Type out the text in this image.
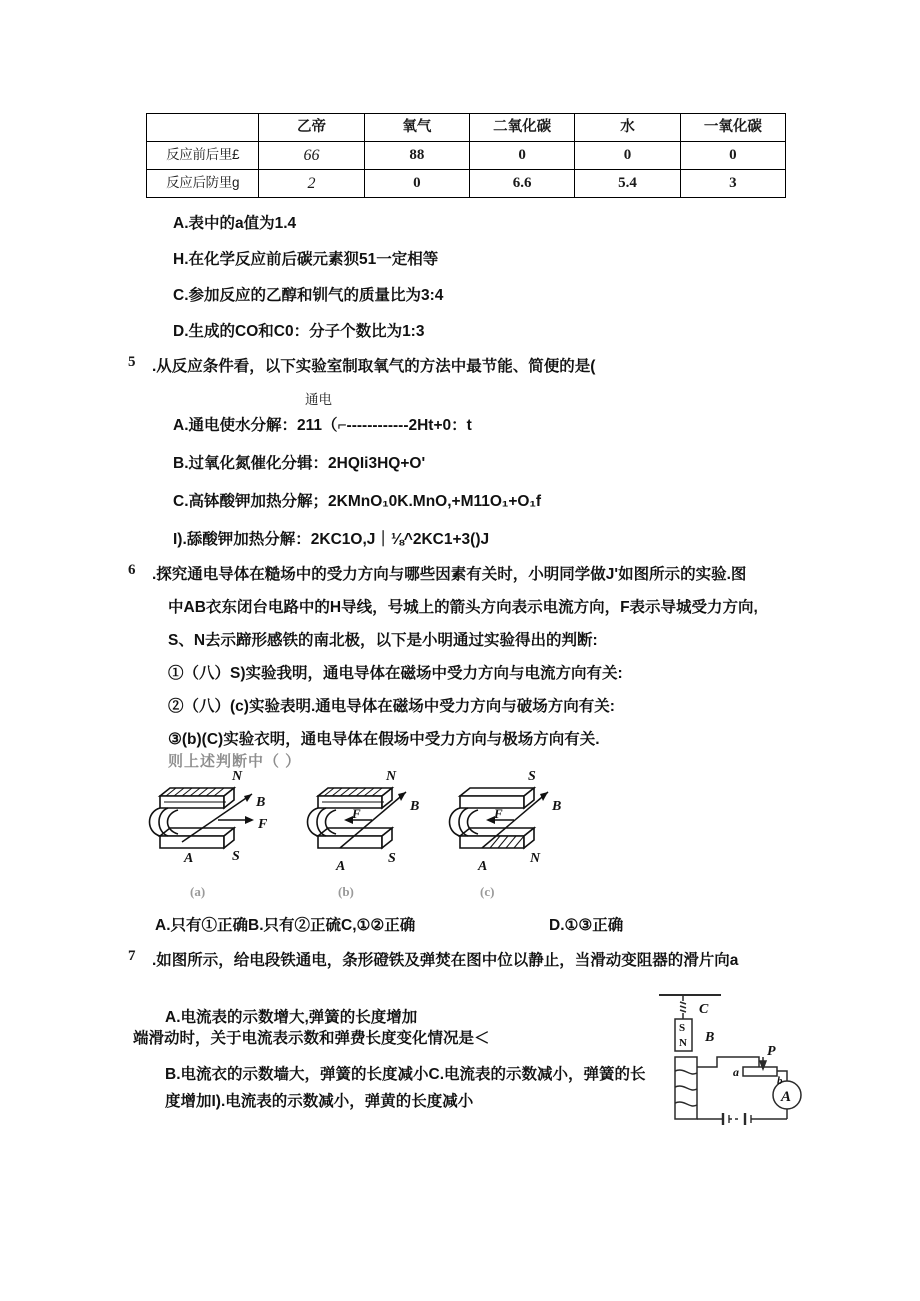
	乙帝	氧气	二氧化碳	水	一氧化碳
反应前后里£	66	88	0	0	0
反应后防里g	2	0	6.6	5.4	3
A.表中的a值为1.4
H.在化学反应前后碳元素狈51一定相等
C.参加反应的乙醇和钏气的质量比为3:4
D.生成的CO和C0：分子个数比为1:3
5 .从反应条件看，以下实验室制取氧气的方法中最节能、简便的是(
通电
A.通电使水分解：211（⌐------------2Ht+0：t
B.过氧化氮催化分辑：2HQIi3HQ+O'
C.高钵酸钾加热分解；2KMnO₁0K.MnO,+M11O₁+O₁f
I).舔酸钾加热分解：2KC1O,J｜⅛^2KC1+3()J
6 .探究通电导体在糙场中的受力方向与哪些因素有关时，小明同学做J'如图所示的实验.图
中AB衣东闭台电路中的H导线，号城上的箭头方向表示电流方向，F表示导城受力方向,
S、N去示蹄形感铁的南北极，以下是小明通过实验得出的判断:
①（八）S)实验我明，通电导体在磁场中受力方向与电流方向有关:
②（八）(c)实验表明.通电导体在磁场中受力方向与破场方向有关:
③(b)(C)实验衣明，通电导体在假场中受力方向与极场方向有关.
则上述判断中（ ）
N
S
A
B
F
N
S
A
B
F
S
N
A
B
F
(a)	(b)	(c)
A.只有①正确B.只有②正硫C,①②正确	D.①③正确
7 .如图所示，给电段铁通电，条形磴铁及弹焚在图中位以静止，当滑动变阻器的滑片向a
A.电流表的示数增大,弹簧的长度增加
端滑动时，关于电流表示数和弹费长度变化情况是＜
B.电流衣的示数墙大，弹簧的长度减小C.电流表的示数减小，弹簧的长
度增加I).电流表的示数减小，弹黄的长度减小
S
N
C
B
a
b
P
A
